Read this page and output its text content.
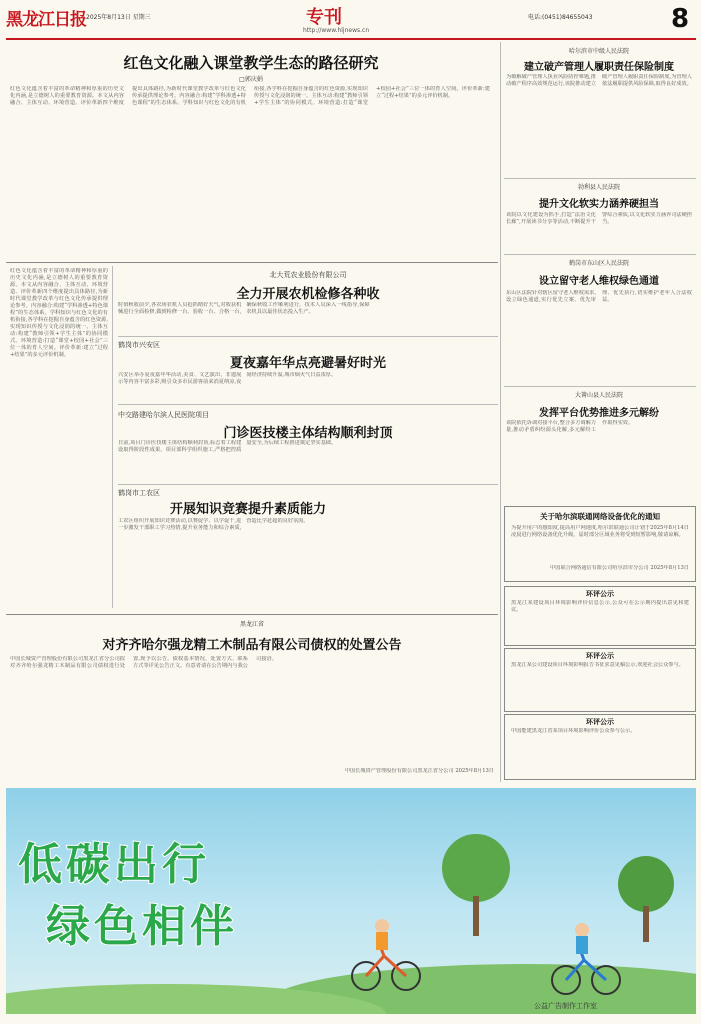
黑龙江日报 2025年8月13日 星期三	专刊
http://www.hljnews.cn
电话:(0451)84655043	8
红色文化融入课堂教学生态的路径研究
□郭庆娟
红色文化蕴含着丰富的革命精神和厚重的历史文化内涵,是立德树人的重要教育资源。本文从内容融合、主体互动、环境营造、评价革新四个维度提出具体路径,为新时代课堂教学改革与红色文化传承提供理论参考。内容融合:构建“学科渗透+特色课程”的生态体系。学科知识与红色文化的有机衔接,各学科在挖掘自身蕴含的红色资源,实现知识传授与文化浸润的统一。主体互动:构建“教师引领+学生主体”的协同模式。环境营造:打造“课堂+校园+社会”三位一体的育人空间。评价革新:建立“过程+结果”的多元评价机制。
红色文化蕴含着丰富的革命精神和厚重的历史文化内涵,是立德树人的重要教育资源。本文从内容融合、主体互动、环境营造、评价革新四个维度提出具体路径,为新时代课堂教学改革与红色文化传承提供理论参考。内容融合:构建“学科渗透+特色课程”的生态体系。学科知识与红色文化的有机衔接,各学科在挖掘自身蕴含的红色资源,实现知识传授与文化浸润的统一。主体互动:构建“教师引领+学生主体”的协同模式。环境营造:打造“课堂+校园+社会”三位一体的育人空间。评价革新:建立“过程+结果”的多元评价机制。
北大荒农业股份有限公司
全力开展农机检修各种收
时值秋收前夕,各农场农机人员抢抓晴好天气,对收获机械进行全面检修,做到检修一台、验收一台、合格一台,确保秋收工作顺利进行。技术人员深入一线指导,保障农机具以最佳状态投入生产。
鹤岗市兴安区
夏夜嘉年华点亮避暑好时光
兴安区举办夏夜嘉年华活动,美食、文艺演出、非遗展示等内容丰富多彩,吸引众多市民游客前来消夏纳凉,夜间经济持续升温,城市烟火气日益浓厚。
中交路建哈尔滨人民医院项目
门诊医技楼主体结构顺利封顶
日前,项目门诊医技楼主体结构顺利封顶,标志着工程建设取得阶段性成果。项目部科学组织施工,严格把控质量安全,为后续工程推进奠定坚实基础。
鹤岗市工农区
开展知识竞赛提升素质能力
工农区组织开展知识竞赛活动,以赛促学、以学促干,进一步激发干部职工学习热情,提升业务能力和综合素质,营造比学赶超的良好氛围。
哈尔滨市中级人民法院
建立破产管理人履职责任保险制度
为破解破产管理人执业风险防控难题,推动破产程序高效规范运行,该院推动建立破产管理人履职责任保险制度,为管理人依法履职提供风险保障,取得良好成效。
勃利县人民法院
提升文化软实力涵养硬担当
该院以文化建设为抓手,打造“法治文化长廊”,开展读书分享等活动,不断提升干警综合素质,以文化软实力涵养司法硬担当。
鹤岗市东山区人民法院
设立留守老人维权绿色通道
东山区法院针对辖区留守老人维权需求,设立绿色通道,实行优先立案、优先审理、优先执行,切实维护老年人合法权益。
大箐山县人民法院
发挥平台优势推进多元解纷
该院依托诉调对接平台,整合多方调解力量,推动矛盾纠纷源头化解,多元解纷工作取得实效。
关于哈尔滨联通网络设备优化的通知
为提升用户的感知度,提高用户网速度,哈尔滨联通公司计划于2025年8月14日凌晨进行网络设备优化升级。届时部分区域业务将受到短暂影响,敬请谅解。
中国联合网络通信有限公司哈尔滨市分公司 2025年8月13日
环评公示
黑龙江某建设项目环境影响评价信息公示,公众可在公示期内提出意见和建议。
环评公示
黑龙江某公司建设项目环境影响报告书征求意见稿公示,欢迎社会公众参与。
环评公示
中国能建黑龙江省某项目环境影响评价公众参与公示。
黑龙江省
对齐齐哈尔强龙精工木制品有限公司债权的处置公告
中国长城资产管理股份有限公司黑龙江省分公司拟对齐齐哈尔强龙精工木制品有限公司债权进行处置,现予以公告。债权基本情况、处置方式、联系方式等详见公告正文。有意者请在公告期内与我公司接洽。
中国长城资产管理股份有限公司黑龙江省分公司 2025年8月13日
低碳出行
绿色相伴
公益广告制作工作室
